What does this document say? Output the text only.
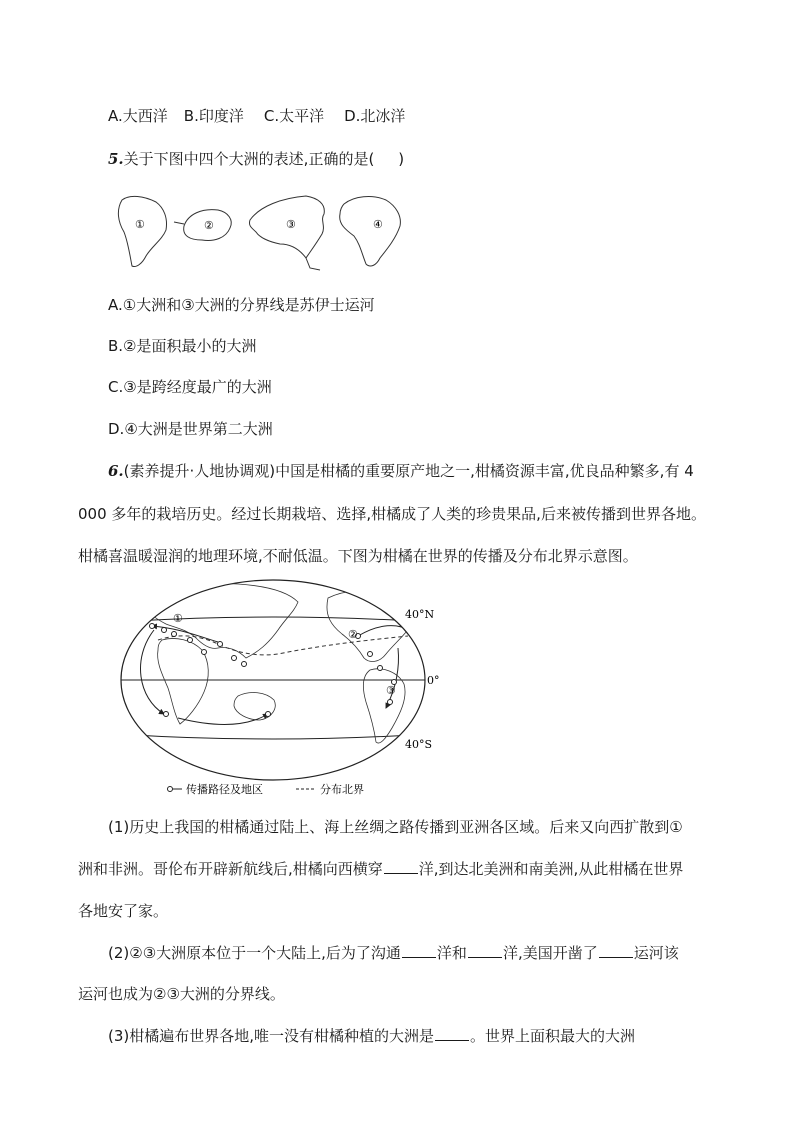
A.大西洋 B.印度洋 C.太平洋 D.北冰洋
5.关于下图中四个大洲的表述,正确的是( )
①	②	③	④
A.①大洲和③大洲的分界线是苏伊士运河
B.②是面积最小的大洲
C.③是跨经度最广的大洲
D.④大洲是世界第二大洲
6.(素养提升·人地协调观)中国是柑橘的重要原产地之一,柑橘资源丰富,优良品种繁多,有 4
000 多年的栽培历史。经过长期栽培、选择,柑橘成了人类的珍贵果品,后来被传播到世界各地。
柑橘喜温暖湿润的地理环境,不耐低温。下图为柑橘在世界的传播及分布北界示意图。
40°N
0°
40°S
①
②
③
传播路径及地区	分布北界
(1)历史上我国的柑橘通过陆上、海上丝绸之路传播到亚洲各区域。后来又向西扩散到①
洲和非洲。哥伦布开辟新航线后,柑橘向西横穿 洋,到达北美洲和南美洲,从此柑橘在世界
各地安了家。
(2)②③大洲原本位于一个大陆上,后为了沟通 洋和 洋,美国开凿了 运河该
运河也成为②③大洲的分界线。
(3)柑橘遍布世界各地,唯一没有柑橘种植的大洲是 。世界上面积最大的大洲
